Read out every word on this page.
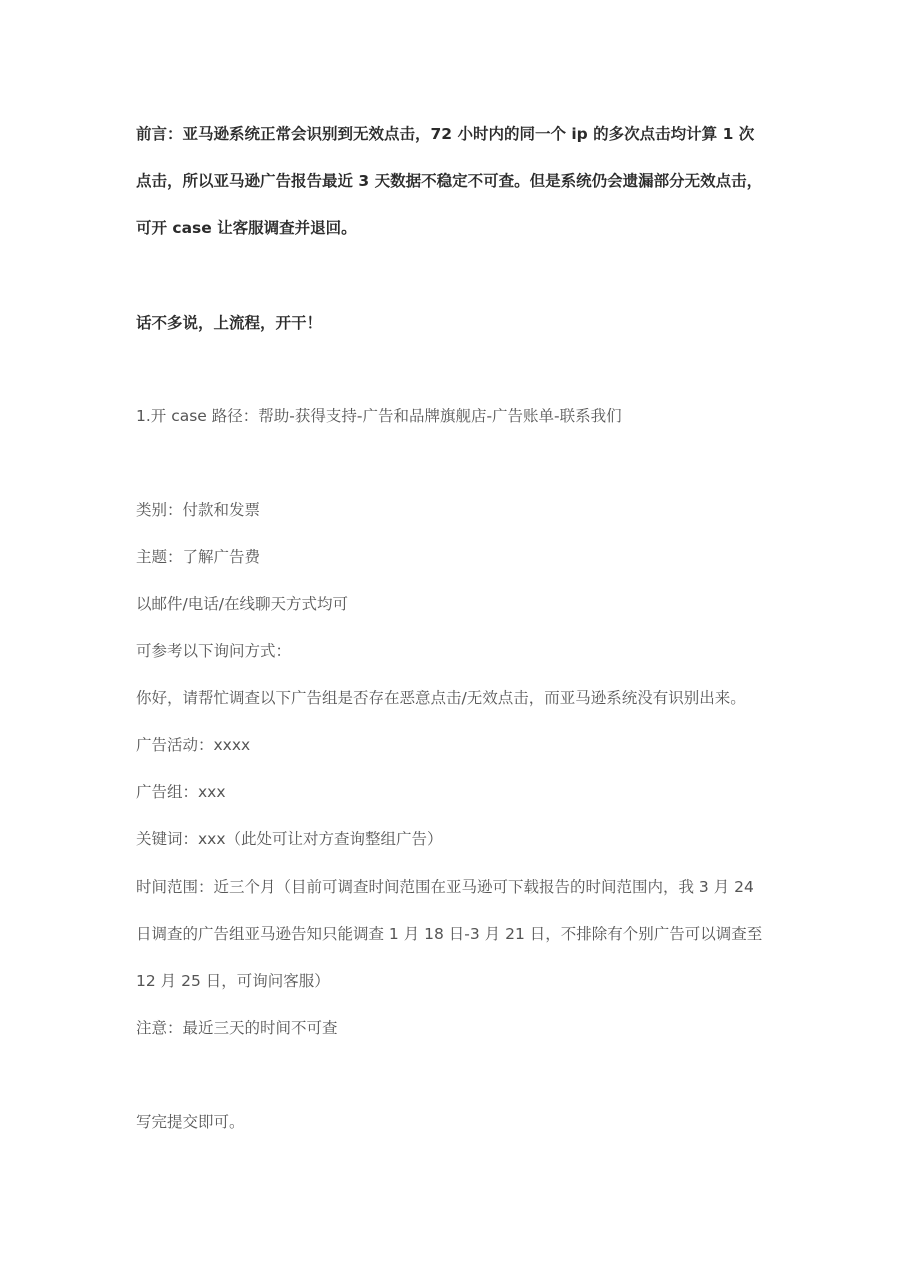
前言：亚马逊系统正常会识别到无效点击，72 小时内的同一个 ip 的多次点击均计算 1 次
点击，所以亚马逊广告报告最近 3 天数据不稳定不可查。但是系统仍会遗漏部分无效点击，
可开 case 让客服调查并退回。
话不多说，上流程，开干！
1.开 case 路径：帮助-获得支持-广告和品牌旗舰店-广告账单-联系我们
类别：付款和发票
主题：了解广告费
以邮件/电话/在线聊天方式均可
可参考以下询问方式：
你好，请帮忙调查以下广告组是否存在恶意点击/无效点击，而亚马逊系统没有识别出来。
广告活动：xxxx
广告组：xxx
关键词：xxx（此处可让对方查询整组广告）
时间范围：近三个月（目前可调查时间范围在亚马逊可下载报告的时间范围内，我 3 月 24
日调查的广告组亚马逊告知只能调查 1 月 18 日-3 月 21 日，不排除有个别广告可以调查至
12 月 25 日，可询问客服）
注意：最近三天的时间不可查
写完提交即可。
